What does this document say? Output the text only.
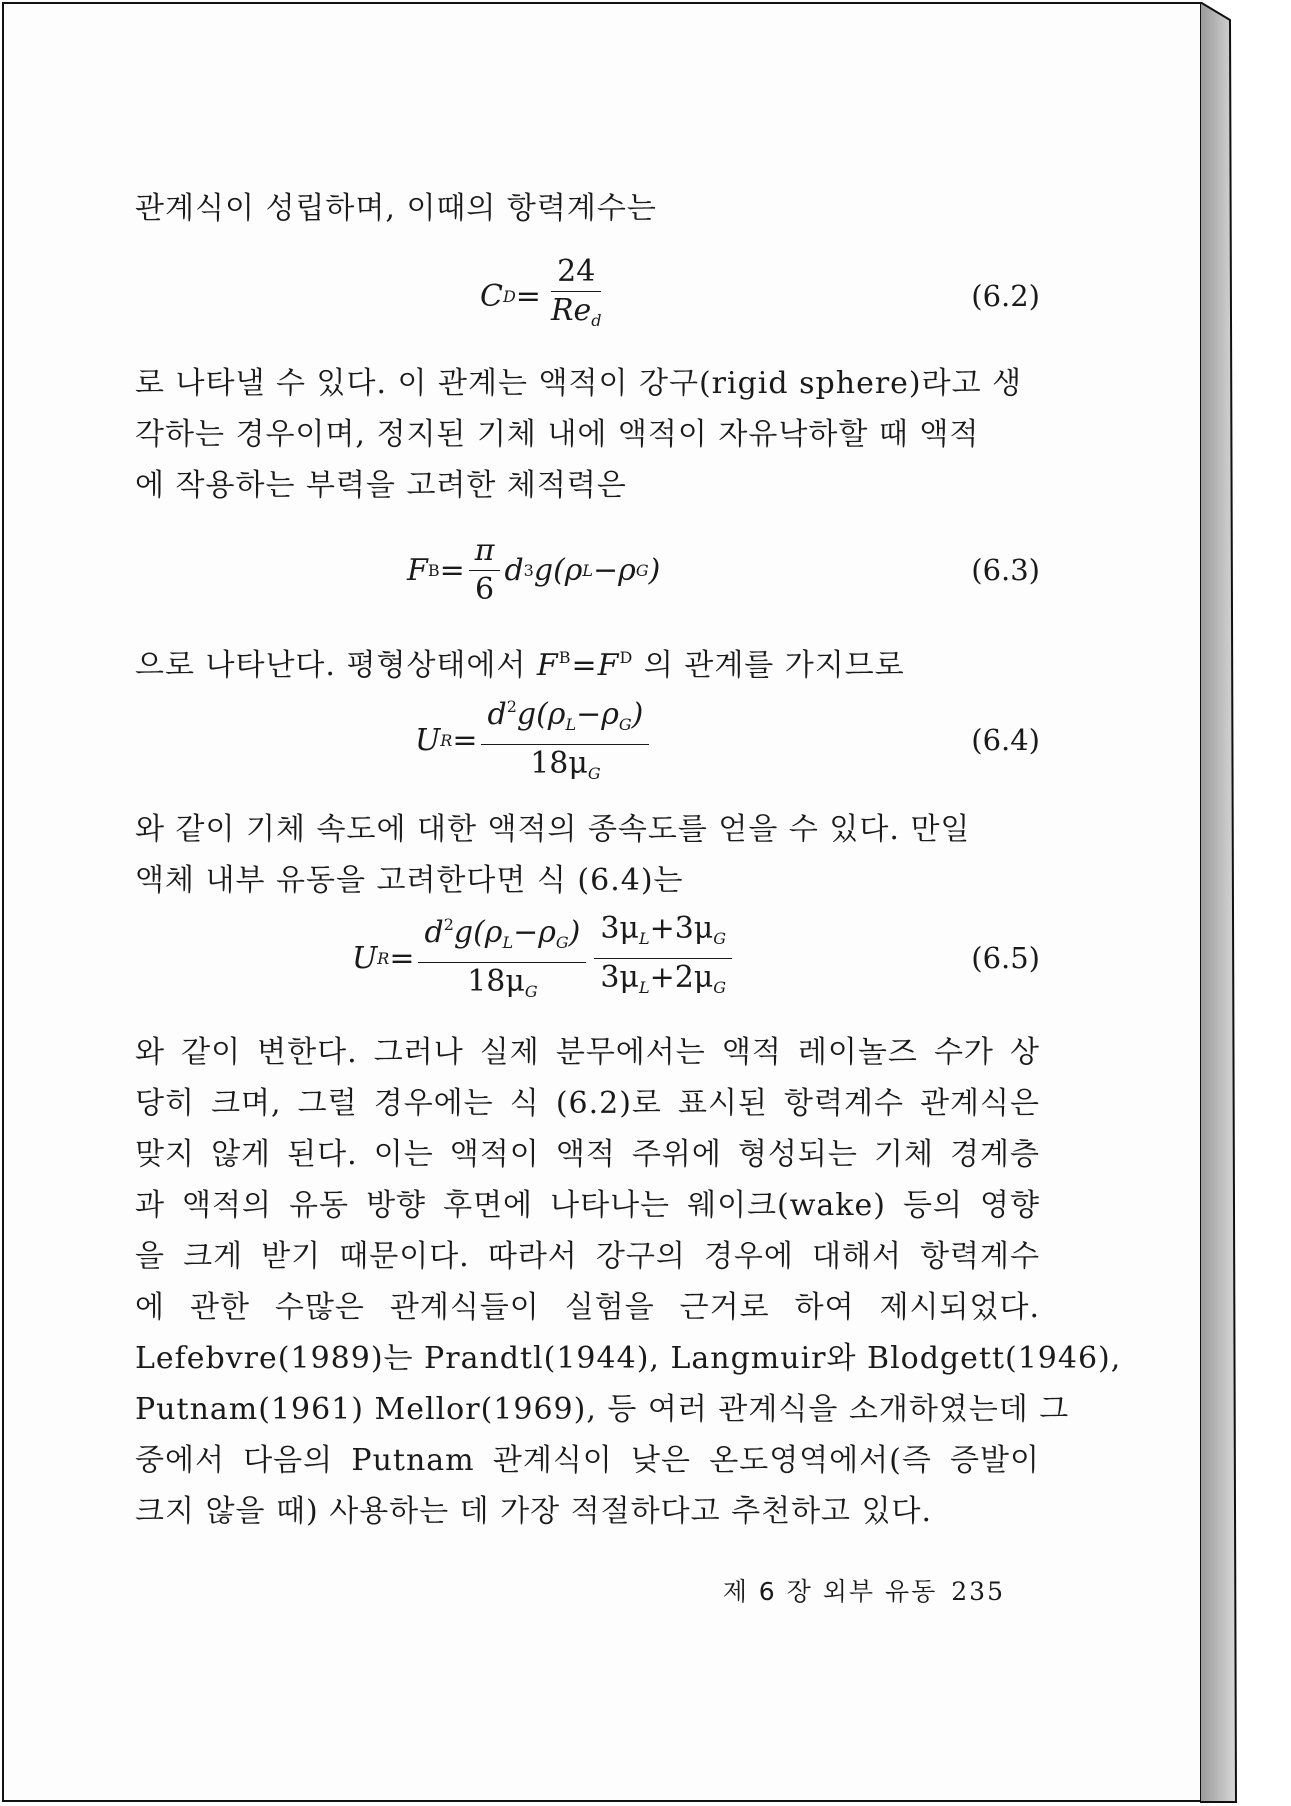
관계식이 성립하며, 이때의 항력계수는
C $D = \frac{24}{Re_d}$	(6.2)
로 나타낼 수 있다. 이 관계는 액적이 강구(rigid sphere)라고 생
각하는 경우이며, 정지된 기체 내에 액적이 자유낙하할 때 액적
에 작용하는 부력을 고려한 체적력은
F $B = \frac{\pi}{6}$ d 3 g(ρ L −ρ G )	(6.3)
으로 나타난다. 평형상태에서 $F^B=F^D$ 의 관계를 가지므로
U $R = \frac{d^2g(\rho_L-\rho_G)}{18\mu_G}$	(6.4)
와 같이 기체 속도에 대한 액적의 종속도를 얻을 수 있다. 만일
액체 내부 유동을 고려한다면 식 (6.4)는
U $R = \frac{d^2g(\rho_L-\rho_G)}{18\mu_G} \frac{3\mu_L+3\mu_G}{3\mu_L+2\mu_G}$	(6.5)
와 같이 변한다. 그러나 실제 분무에서는 액적 레이놀즈 수가 상
당히 크며, 그럴 경우에는 식 (6.2)로 표시된 항력계수 관계식은
맞지 않게 된다. 이는 액적이 액적 주위에 형성되는 기체 경계층
과 액적의 유동 방향 후면에 나타나는 웨이크(wake) 등의 영향
을 크게 받기 때문이다. 따라서 강구의 경우에 대해서 항력계수
에 관한 수많은 관계식들이 실험을 근거로 하여 제시되었다.
Lefebvre(1989)는 Prandtl(1944), Langmuir와 Blodgett(1946),
Putnam(1961) Mellor(1969), 등 여러 관계식을 소개하였는데 그
중에서 다음의 Putnam 관계식이 낮은 온도영역에서(즉 증발이
크지 않을 때) 사용하는 데 가장 적절하다고 추천하고 있다.
제 6 장 외부 유동 235
